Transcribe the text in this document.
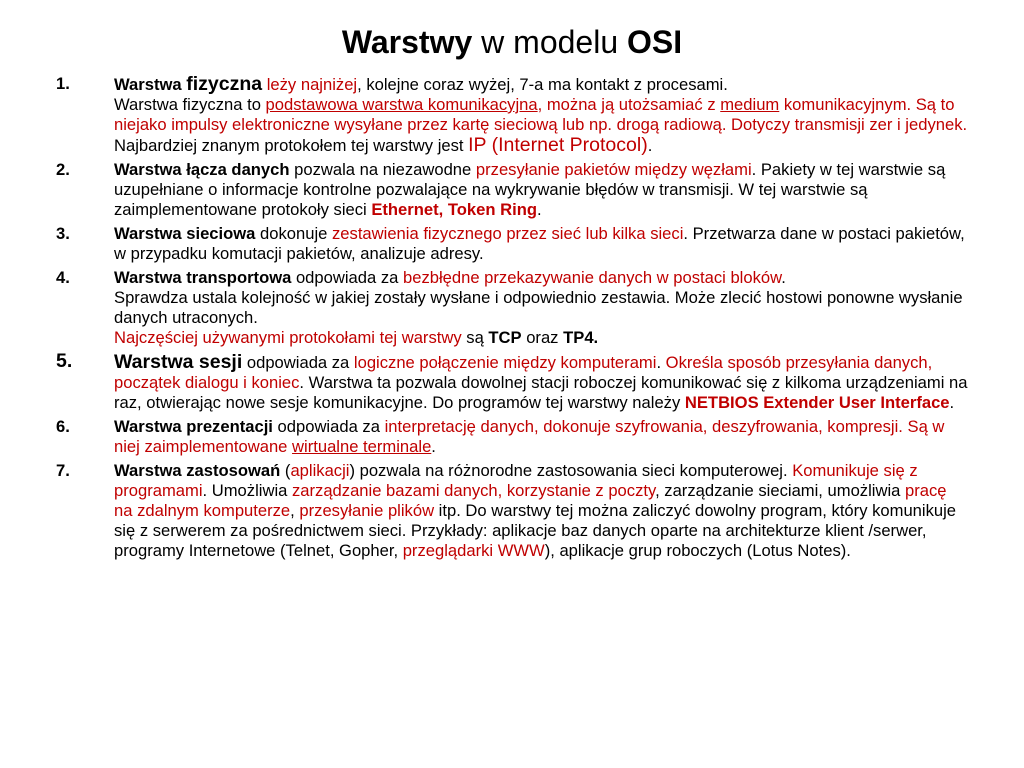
Warstwy w modelu OSI
1.	Warstwa fizyczna leży najniżej, kolejne coraz wyżej, 7-a ma kontakt z procesami.
Warstwa fizyczna to podstawowa warstwa komunikacyjna, można ją utożsamiać z medium komunikacyjnym. Są to niejako impulsy elektroniczne wysyłane przez kartę sieciową lub np. drogą radiową. Dotyczy transmisji zer i jedynek.
Najbardziej znanym protokołem tej warstwy jest IP (Internet Protocol).
2.	Warstwa łącza danych pozwala na niezawodne przesyłanie pakietów między węzłami. Pakiety w tej warstwie są uzupełniane o informacje kontrolne pozwalające na wykrywanie błędów w transmisji. W tej warstwie są zaimplementowane protokoły sieci Ethernet, Token Ring.
3.	Warstwa sieciowa dokonuje zestawienia fizycznego przez sieć lub kilka sieci. Przetwarza dane w postaci pakietów, w przypadku komutacji pakietów, analizuje adresy.
4.	Warstwa transportowa odpowiada za bezbłędne przekazywanie danych w postaci bloków.
Sprawdza ustala kolejność w jakiej zostały wysłane i odpowiednio zestawia. Może zlecić hostowi ponowne wysłanie danych utraconych.
Najczęściej używanymi protokołami tej warstwy są TCP oraz TP4.
5. Warstwa sesji odpowiada za logiczne połączenie między komputerami. Określa sposób przesyłania danych, początek dialogu i koniec. Warstwa ta pozwala dowolnej stacji roboczej komunikować się z kilkoma urządzeniami na raz, otwierając nowe sesje komunikacyjne. Do programów tej warstwy należy NETBIOS Extender User Interface.
6.	Warstwa prezentacji odpowiada za interpretację danych, dokonuje szyfrowania, deszyfrowania, kompresji. Są w niej zaimplementowane wirtualne terminale.
7.	Warstwa zastosowań (aplikacji) pozwala na różnorodne zastosowania sieci komputerowej. Komunikuje się z programami. Umożliwia zarządzanie bazami danych, korzystanie z poczty, zarządzanie sieciami, umożliwia pracę na zdalnym komputerze, przesyłanie plików itp. Do warstwy tej można zaliczyć dowolny program, który komunikuje się z serwerem za pośrednictwem sieci. Przykłady: aplikacje baz danych oparte na architekturze klient /serwer, programy Internetowe (Telnet, Gopher, przeglądarki WWW), aplikacje grup roboczych (Lotus Notes).
